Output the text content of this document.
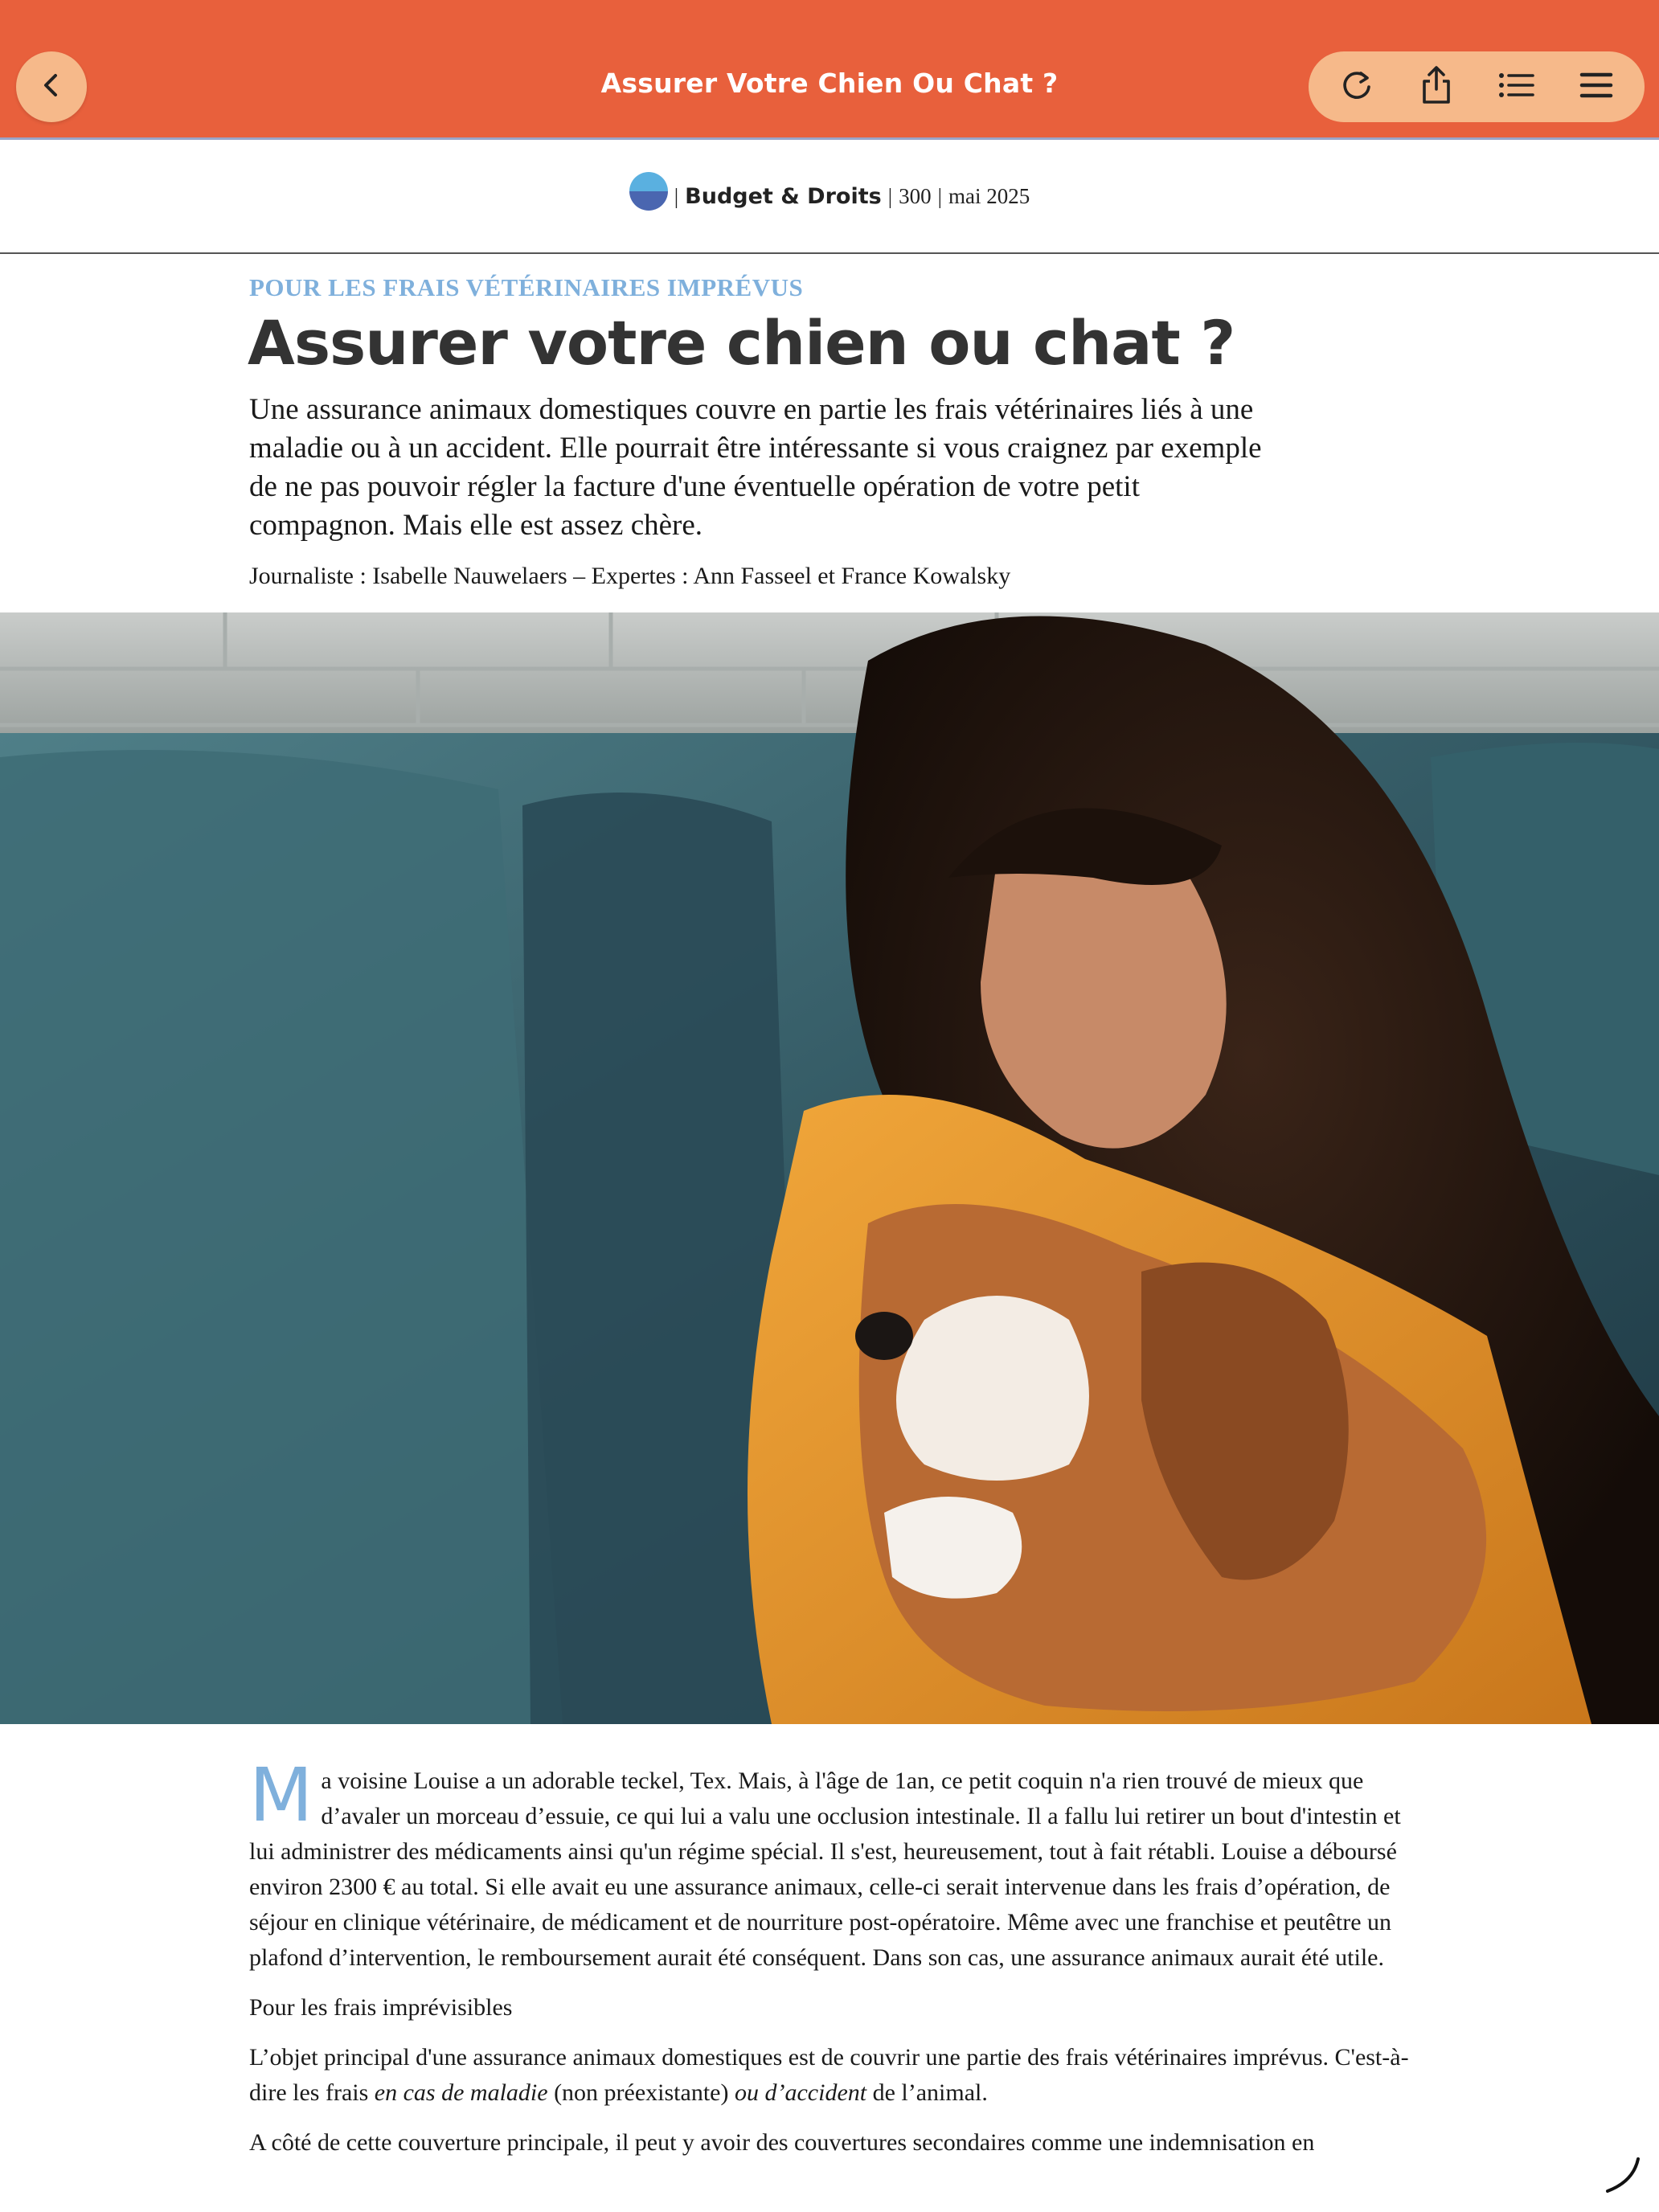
Assurer Votre Chien Ou Chat ?
| Budget & Droits | 300 | mai 2025
POUR LES FRAIS VÉTÉRINAIRES IMPRÉVUS
Assurer votre chien ou chat ?

Une assurance animaux domestiques couvre en partie les frais vétérinaires liés à une maladie ou à un accident. Elle pourrait être intéressante si vous craignez par exemple de ne pas pouvoir régler la facture d'une éventuelle opération de votre petit compagnon. Mais elle est assez chère.

Journaliste : Isabelle Nauwelaers – Expertes : Ann Fasseel et France Kowalsky

M a voisine Louise a un adorable teckel, Tex. Mais, à l'âge de 1an, ce petit coquin n'a rien trouvé de mieux que d’avaler un morceau d’essuie, ce qui lui a valu une occlusion intestinale. Il a fallu lui retirer un bout d'intestin et lui administrer des médicaments ainsi qu'un régime spécial. Il s'est, heureusement, tout à fait rétabli. Louise a déboursé environ 2300 € au total. Si elle avait eu une assurance animaux, celle-ci serait intervenue dans les frais d’opération, de séjour en clinique vétérinaire, de médicament et de nourriture post-opératoire. Même avec une franchise et peutêtre un plafond d’intervention, le remboursement aurait été conséquent. Dans son cas, une assurance animaux aurait été utile.

Pour les frais imprévisibles

L’objet principal d'une assurance animaux domestiques est de couvrir une partie des frais vétérinaires imprévus. C'est-à-dire les frais en cas de maladie (non préexistante) ou d’accident de l’animal.

A côté de cette couverture principale, il peut y avoir des couvertures secondaires comme une indemnisation en
